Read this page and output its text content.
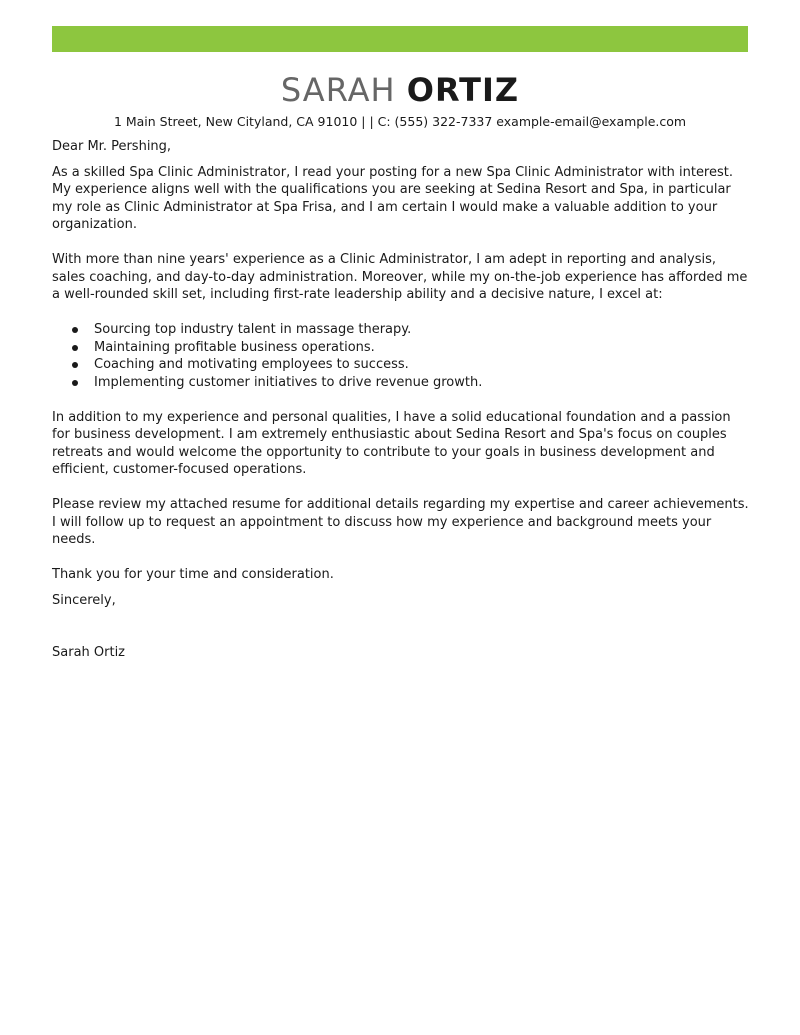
SARAH ORTIZ
1 Main Street, New Cityland, CA 91010 | | C: (555) 322-7337 example-email@example.com

Dear Mr. Pershing,

As a skilled Spa Clinic Administrator, I read your posting for a new Spa Clinic Administrator with interest. My experience aligns well with the qualifications you are seeking at Sedina Resort and Spa, in particular my role as Clinic Administrator at Spa Frisa, and I am certain I would make a valuable addition to your organization.

With more than nine years' experience as a Clinic Administrator, I am adept in reporting and analysis, sales coaching, and day-to-day administration. Moreover, while my on-the-job experience has afforded me a well-rounded skill set, including first-rate leadership ability and a decisive nature, I excel at:

Sourcing top industry talent in massage therapy.
Maintaining profitable business operations.
Coaching and motivating employees to success.
Implementing customer initiatives to drive revenue growth.

In addition to my experience and personal qualities, I have a solid educational foundation and a passion for business development. I am extremely enthusiastic about Sedina Resort and Spa's focus on couples retreats and would welcome the opportunity to contribute to your goals in business development and efficient, customer-focused operations.

Please review my attached resume for additional details regarding my expertise and career achievements. I will follow up to request an appointment to discuss how my experience and background meets your needs.

Thank you for your time and consideration.

Sincerely,

Sarah Ortiz
